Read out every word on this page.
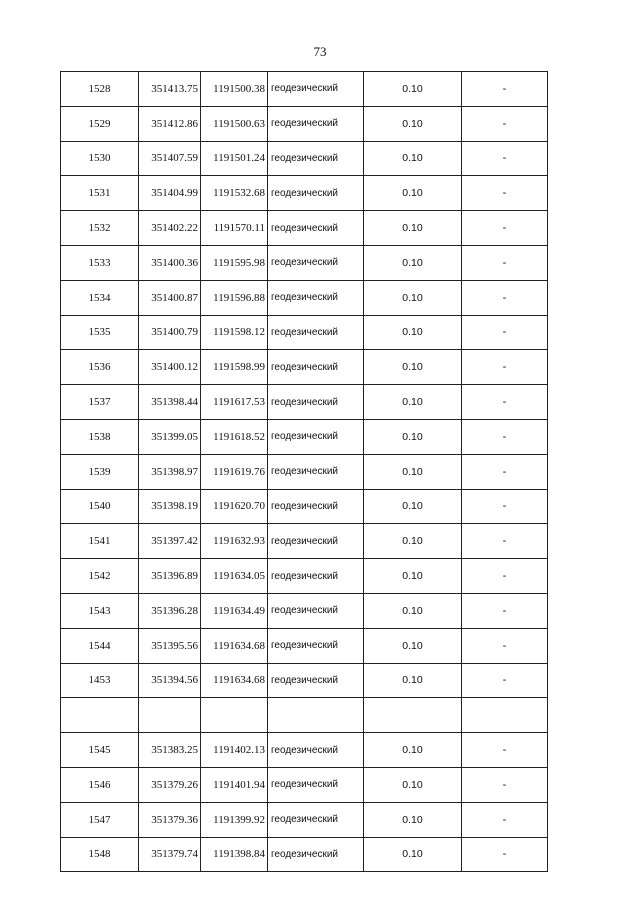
73
1528	351413.75	1191500.38	геодезический	0.10	-
1529	351412.86	1191500.63	геодезический	0.10	-
1530	351407.59	1191501.24	геодезический	0.10	-
1531	351404.99	1191532.68	геодезический	0.10	-
1532	351402.22	1191570.11	геодезический	0.10	-
1533	351400.36	1191595.98	геодезический	0.10	-
1534	351400.87	1191596.88	геодезический	0.10	-
1535	351400.79	1191598.12	геодезический	0.10	-
1536	351400.12	1191598.99	геодезический	0.10	-
1537	351398.44	1191617.53	геодезический	0.10	-
1538	351399.05	1191618.52	геодезический	0.10	-
1539	351398.97	1191619.76	геодезический	0.10	-
1540	351398.19	1191620.70	геодезический	0.10	-
1541	351397.42	1191632.93	геодезический	0.10	-
1542	351396.89	1191634.05	геодезический	0.10	-
1543	351396.28	1191634.49	геодезический	0.10	-
1544	351395.56	1191634.68	геодезический	0.10	-
1453	351394.56	1191634.68	геодезический	0.10	-

1545	351383.25	1191402.13	геодезический	0.10	-
1546	351379.26	1191401.94	геодезический	0.10	-
1547	351379.36	1191399.92	геодезический	0.10	-
1548	351379.74	1191398.84	геодезический	0.10	-
